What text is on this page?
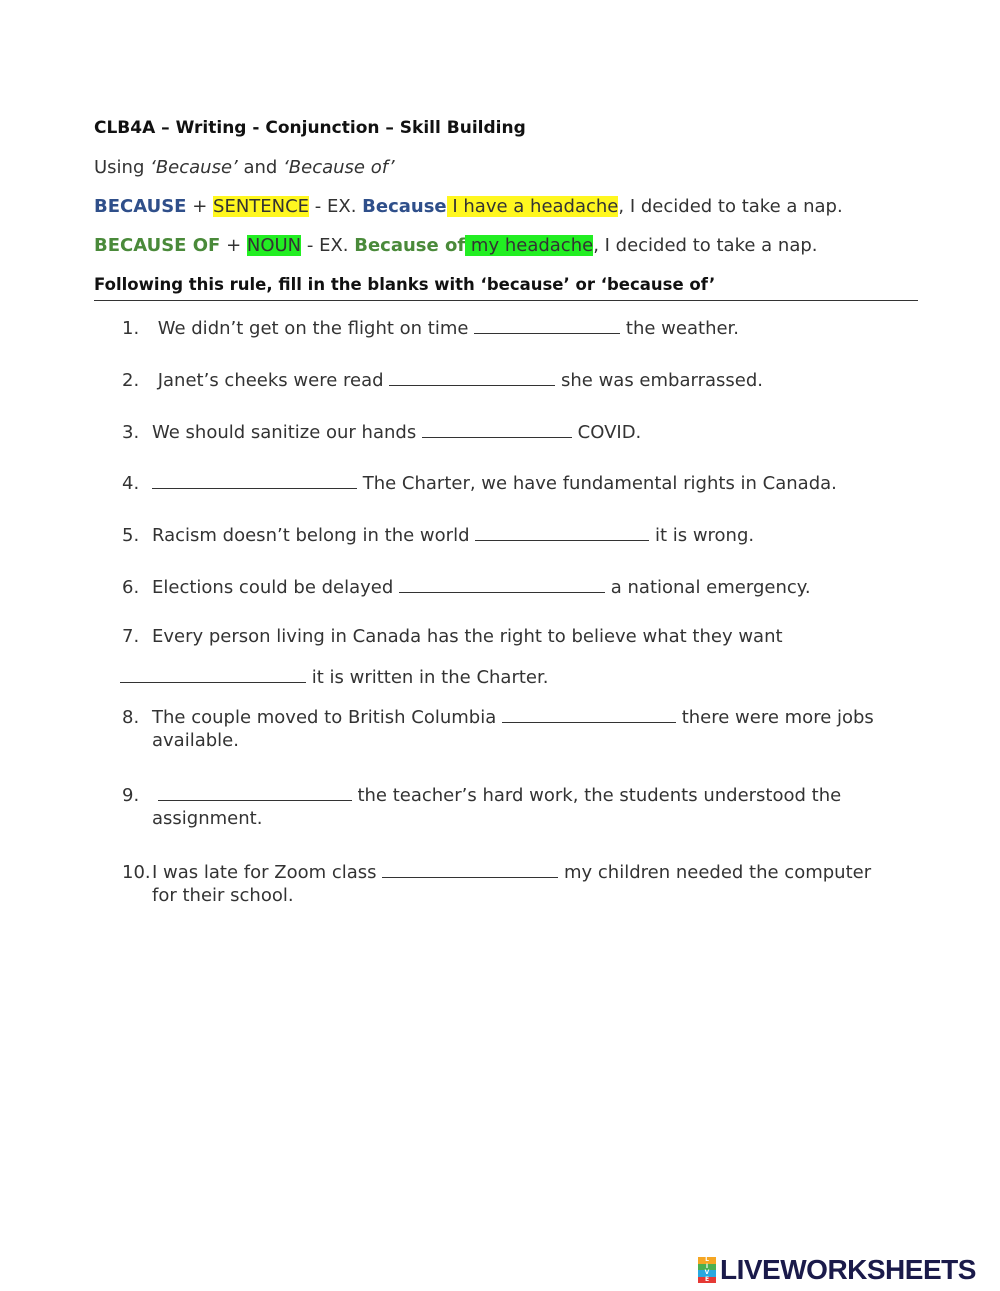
CLB4A – Writing - Conjunction – Skill Building
Using ‘Because’ and ‘Because of’
BECAUSE + SENTENCE - EX. Because I have a headache, I decided to take a nap.
BECAUSE OF + NOUN - EX. Because of my headache, I decided to take a nap.
Following this rule, fill in the blanks with ‘because’ or ‘because of’
1. We didn’t get on the flight on time	the weather.
2. Janet’s cheeks were read	she was embarrassed.
3. We should sanitize our hands	COVID.
4.	The Charter, we have fundamental rights in Canada.
5. Racism doesn’t belong in the world	it is wrong.
6. Elections could be delayed	a national emergency.
7. Every person living in Canada has the right to believe what they want
it is written in the Charter.
8. The couple moved to British Columbia	there were more jobs
available.
9.	the teacher’s hard work, the students understood the
assignment.
10.I was late for Zoom class	my children needed the computer
for their school.
L
I
V
E LIVEWORKSHEETS
